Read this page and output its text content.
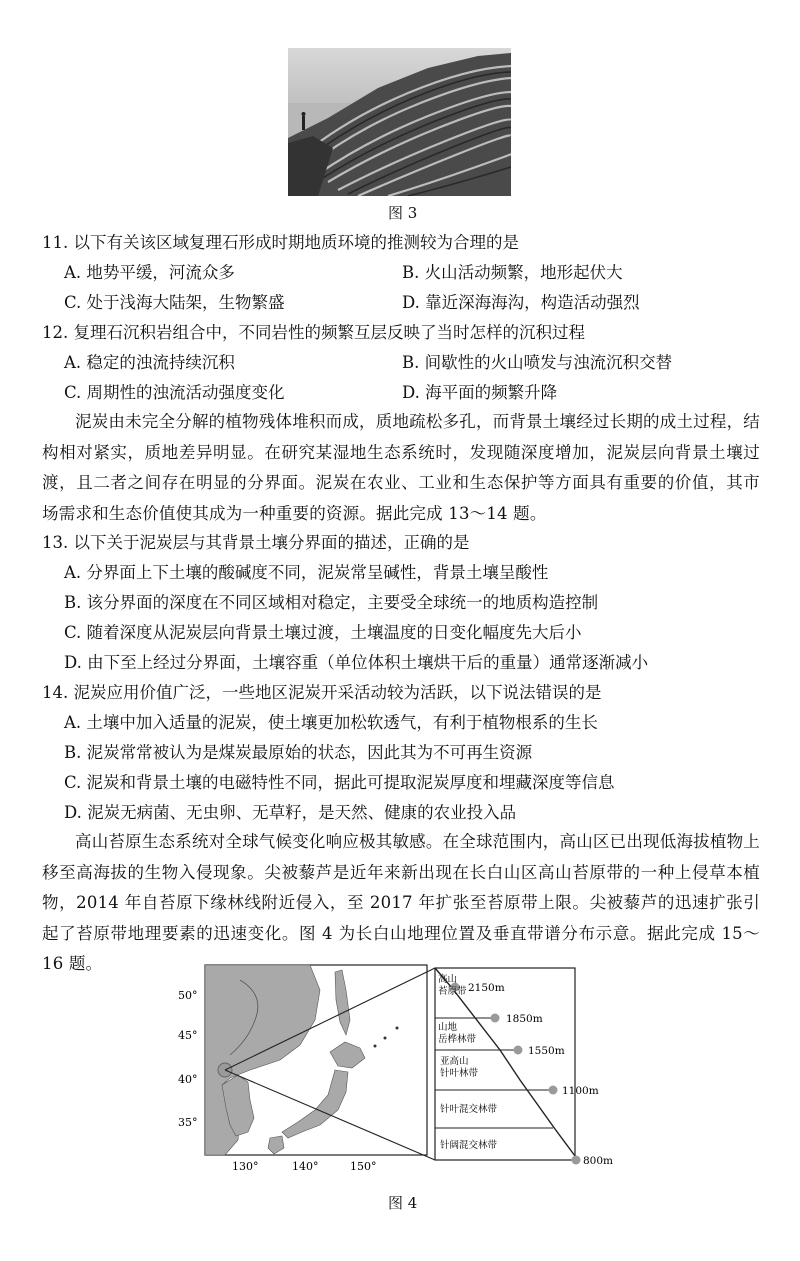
图 3
11. 以下有关该区域复理石形成时期地质环境的推测较为合理的是
A. 地势平缓，河流众多	B. 火山活动频繁，地形起伏大
C. 处于浅海大陆架，生物繁盛	D. 靠近深海海沟，构造活动强烈
12. 复理石沉积岩组合中，不同岩性的频繁互层反映了当时怎样的沉积过程
A. 稳定的浊流持续沉积	B. 间歇性的火山喷发与浊流沉积交替
C. 周期性的浊流活动强度变化	D. 海平面的频繁升降
泥炭由未完全分解的植物残体堆积而成，质地疏松多孔，而背景土壤经过长期的成土过程，结构相对紧实，质地差异明显。在研究某湿地生态系统时，发现随深度增加，泥炭层向背景土壤过渡，且二者之间存在明显的分界面。泥炭在农业、工业和生态保护等方面具有重要的价值，其市场需求和生态价值使其成为一种重要的资源。据此完成 13～14 题。
13. 以下关于泥炭层与其背景土壤分界面的描述，正确的是
A. 分界面上下土壤的酸碱度不同，泥炭常呈碱性，背景土壤呈酸性
B. 该分界面的深度在不同区域相对稳定，主要受全球统一的地质构造控制
C. 随着深度从泥炭层向背景土壤过渡，土壤温度的日变化幅度先大后小
D. 由下至上经过分界面，土壤容重（单位体积土壤烘干后的重量）通常逐渐减小
14. 泥炭应用价值广泛，一些地区泥炭开采活动较为活跃，以下说法错误的是
A. 土壤中加入适量的泥炭，使土壤更加松软透气，有利于植物根系的生长
B. 泥炭常常被认为是煤炭最原始的状态，因此其为不可再生资源
C. 泥炭和背景土壤的电磁特性不同，据此可提取泥炭厚度和埋藏深度等信息
D. 泥炭无病菌、无虫卵、无草籽，是天然、健康的农业投入品
高山苔原生态系统对全球气候变化响应极其敏感。在全球范围内，高山区已出现低海拔植物上移至高海拔的生物入侵现象。尖被藜芦是近年来新出现在长白山区高山苔原带的一种上侵草本植物，2014 年自苔原下缘林线附近侵入，至 2017 年扩张至苔原带上限。尖被藜芦的迅速扩张引起了苔原带地理要素的迅速变化。图 4 为长白山地理位置及垂直带谱分布示意。据此完成 15～16 题。
50°
45°
40°
35°
130°	140°	150°
2150m
1850m
1550m
1100m
800m
高山
苔原带
山地
岳桦林带
亚高山
针叶林带
针叶混交林带
针阔混交林带
图 4
